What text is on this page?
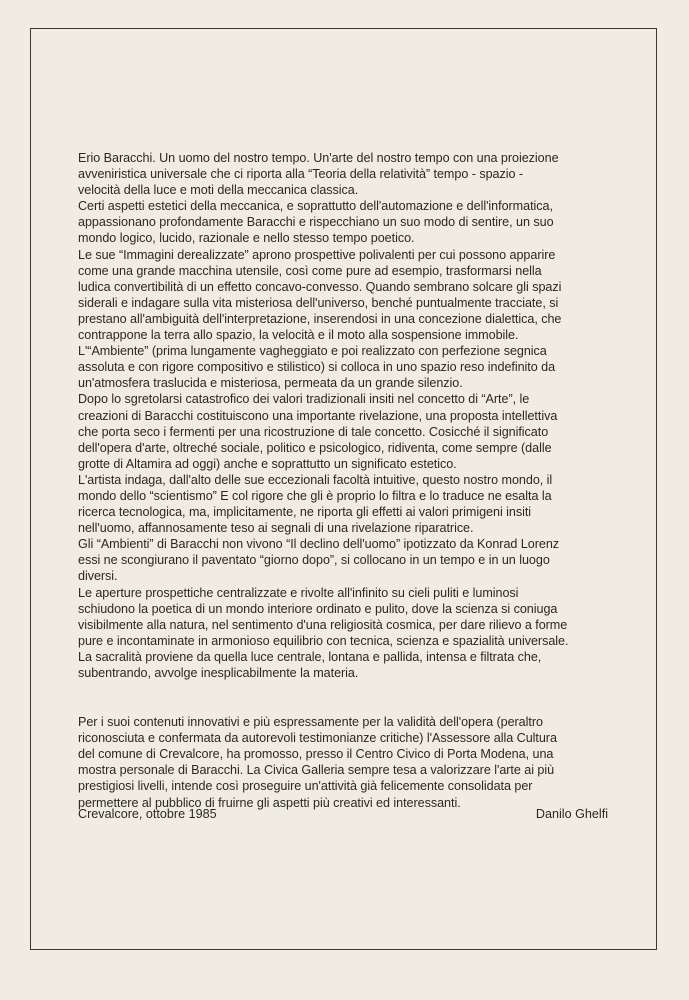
Erio Baracchi. Un uomo del nostro tempo. Un'arte del nostro tempo con una proiezione
avveniristica universale che ci riporta alla “Teoria della relatività” tempo - spazio -
velocità della luce e moti della meccanica classica.

Certi aspetti estetici della meccanica, e soprattutto dell'automazione e dell'informatica,
appassionano profondamente Baracchi e rispecchiano un suo modo di sentire, un suo
mondo logico, lucido, razionale e nello stesso tempo poetico.

Le sue “Immagini derealizzate” aprono prospettive polivalenti per cui possono apparire
come una grande macchina utensile, così come pure ad esempio, trasformarsi nella
ludica convertibilità di un effetto concavo-convesso. Quando sembrano solcare gli spazi
siderali e indagare sulla vita misteriosa dell'universo, benché puntualmente tracciate, si
prestano all'ambiguità dell'interpretazione, inserendosi in una concezione dialettica, che
contrappone la terra allo spazio, la velocità e il moto alla sospensione immobile.

L'“Ambiente” (prima lungamente vagheggiato e poi realizzato con perfezione segnica
assoluta e con rigore compositivo e stilistico) si colloca in uno spazio reso indefinito da
un'atmosfera traslucida e misteriosa, permeata da un grande silenzio.

Dopo lo sgretolarsi catastrofico dei valori tradizionali insiti nel concetto di “Arte”, le
creazioni di Baracchi costituiscono una importante rivelazione, una proposta intellettiva
che porta seco i fermenti per una ricostruzione di tale concetto. Cosicché il significato
dell'opera d'arte, oltreché sociale, politico e psicologico, ridiventa, come sempre (dalle
grotte di Altamira ad oggi) anche e soprattutto un significato estetico.

L'artista indaga, dall'alto delle sue eccezionali facoltà intuitive, questo nostro mondo, il
mondo dello “scientismo” E col rigore che gli è proprio lo filtra e lo traduce ne esalta la
ricerca tecnologica, ma, implicitamente, ne riporta gli effetti ai valori primigeni insiti
nell'uomo, affannosamente teso ai segnali di una rivelazione riparatrice.

Gli “Ambienti” di Baracchi non vivono “Il declino dell'uomo” ipotizzato da Konrad Lorenz
essi ne scongiurano il paventato “giorno dopo”, si collocano in un tempo e in un luogo
diversi.

Le aperture prospettiche centralizzate e rivolte all'infinito su cieli puliti e luminosi
schiudono la poetica di un mondo interiore ordinato e pulito, dove la scienza si coniuga
visibilmente alla natura, nel sentimento d'una religiosità cosmica, per dare rilievo a forme
pure e incontaminate in armonioso equilibrio con tecnica, scienza e spazialità universale.

La sacralità proviene da quella luce centrale, lontana e pallida, intensa e filtrata che,
subentrando, avvolge inesplicabilmente la materia.

Per i suoi contenuti innovativi e più espressamente per la validità dell'opera (peraltro
riconosciuta e confermata da autorevoli testimonianze critiche) l'Assessore alla Cultura
del comune di Crevalcore, ha promosso, presso il Centro Civico di Porta Modena, una
mostra personale di Baracchi. La Civica Galleria sempre tesa a valorizzare l'arte ai più
prestigiosi livelli, intende così proseguire un'attività già felicemente consolidata per
permettere al pubblico di fruirne gli aspetti più creativi ed interessanti.

Crevalcore, ottobre 1985	Danilo Ghelfi
